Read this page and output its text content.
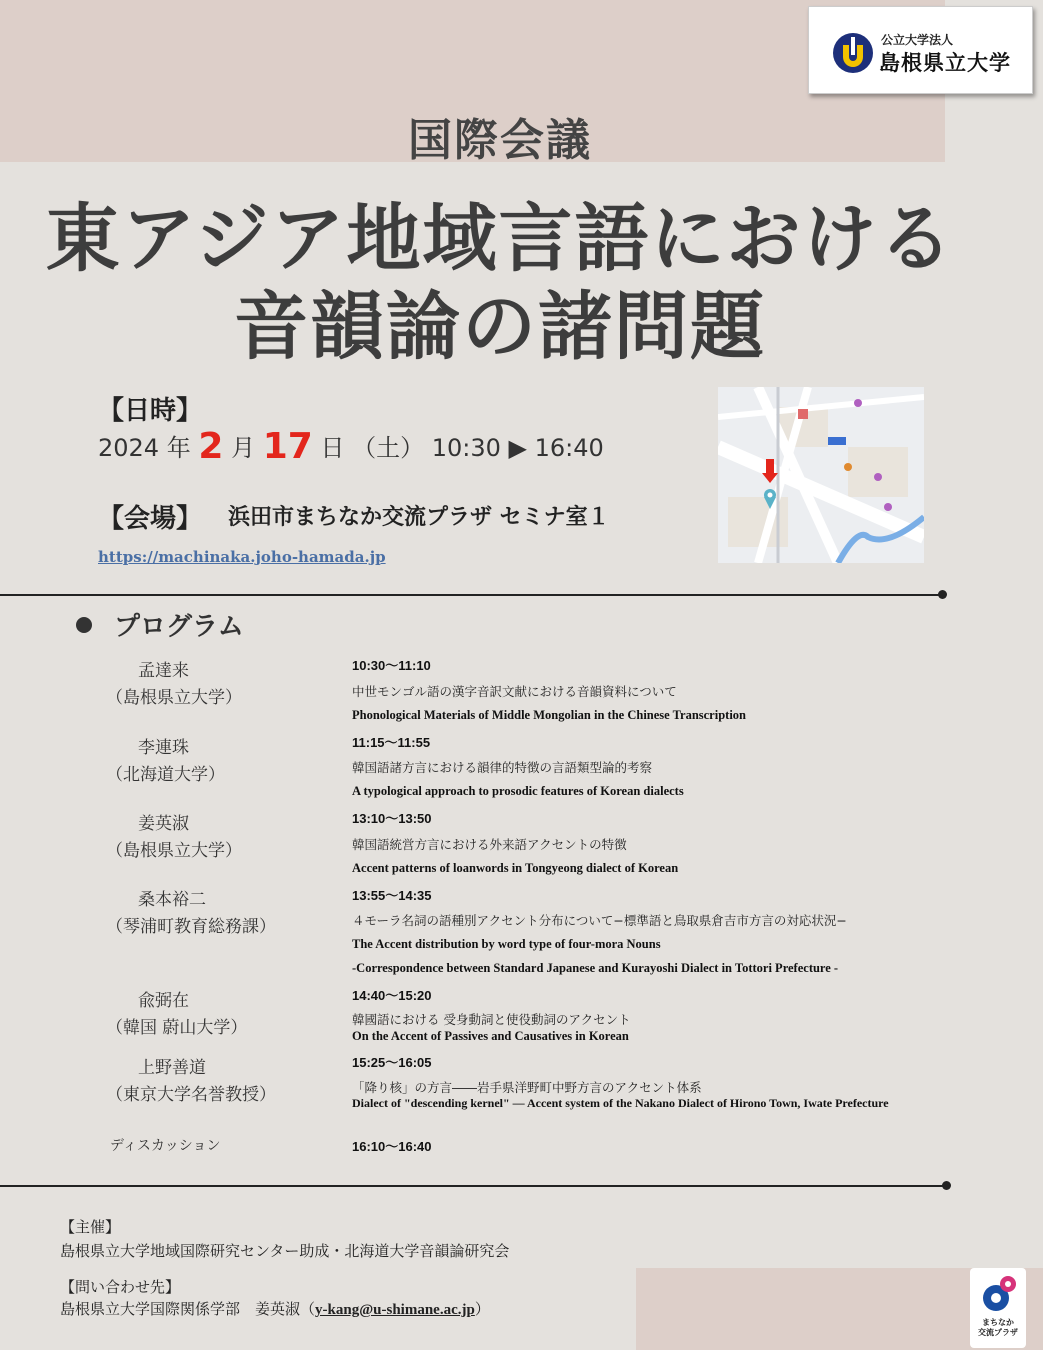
公立大学法人
島根県立大学
国際会議
東アジア地域言語における
音韻論の諸問題
【日時】
2024 年 2 月 17 日 （土） 10:30 ▶ 16:40
【会場】 浜田市まちなか交流プラザ セミナ室１
https://machinaka.joho-hamada.jp
プログラム
孟達来
（島根県立大学）
10:30～11:10
中世モンゴル語の漢字音訳文献における音韻資料について
Phonological Materials of Middle Mongolian in the Chinese Transcription
李連珠
（北海道大学）
11:15～11:55
韓国語諸方言における韻律的特徴の言語類型論的考察
A typological approach to prosodic features of Korean dialects
姜英淑
（島根県立大学）
13:10～13:50
韓国語統営方言における外来語アクセントの特徴
Accent patterns of loanwords in Tongyeong dialect of Korean
桑本裕二
（琴浦町教育総務課）
13:55～14:35
４モーラ名詞の語種別アクセント分布について−標準語と鳥取県倉吉市方言の対応状況−
The Accent distribution by word type of four-mora Nouns
-Correspondence between Standard Japanese and Kurayoshi Dialect in Tottori Prefecture -
兪弼在
（韓国 蔚山大学）
14:40～15:20
韓國語における 受身動詞と使役動詞のアクセント
On the Accent of Passives and Causatives in Korean
上野善道
（東京大学名誉教授）
15:25～16:05
「降り核」の方言――岩手県洋野町中野方言のアクセント体系
Dialect of "descending kernel" ― Accent system of the Nakano Dialect of Hirono Town, Iwate Prefecture
ディスカッション	16:10～16:40
【主催】
島根県立大学地域国際研究センター助成・北海道大学音韻論研究会
【問い合わせ先】
島根県立大学国際関係学部　姜英淑（y-kang@u-shimane.ac.jp）
まちなか
交流プラザ
